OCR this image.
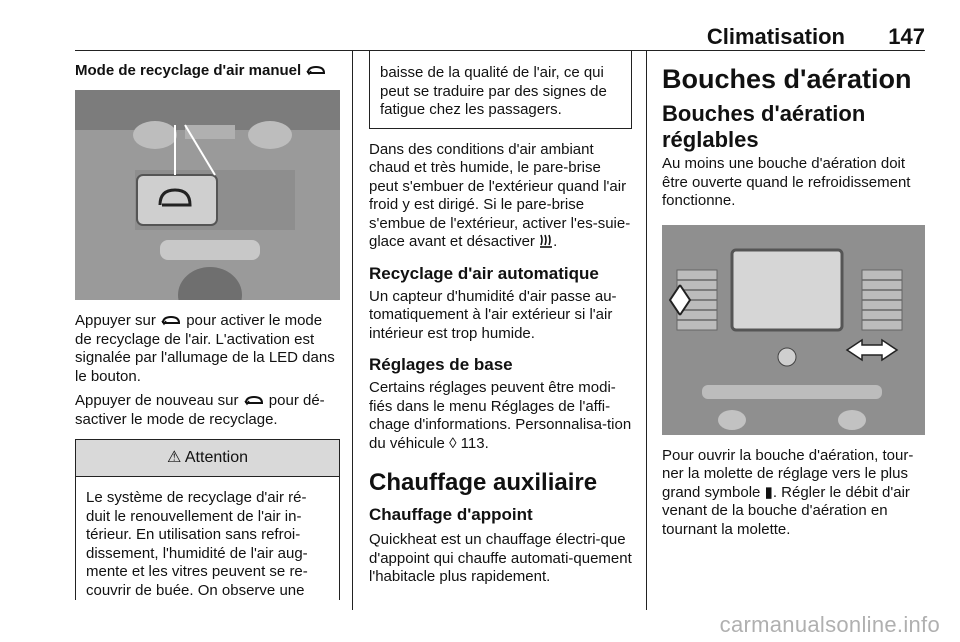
Climatisation 147
Mode de recyclage d'air manuel

Appuyer sur pour activer le mode de recyclage de l'air. L'activation est signalée par l'allumage de la LED dans le bouton.

Appuyer de nouveau sur pour dé-sactiver le mode de recyclage.

⚠ Attention

Le système de recyclage d'air ré-duit le renouvellement de l'air in-térieur. En utilisation sans refroi-dissement, l'humidité de l'air aug-mente et les vitres peuvent se re-couvrir de buée. On observe une

baisse de la qualité de l'air, ce qui peut se traduire par des signes de fatigue chez les passagers.

Dans des conditions d'air ambiant chaud et très humide, le pare-brise peut s'embuer de l'extérieur quand l'air froid y est dirigé. Si le pare-brise s'embue de l'extérieur, activer l'es-suie-glace avant et désactiver .

Recyclage d'air automatique

Un capteur d'humidité d'air passe au-tomatiquement à l'air extérieur si l'air intérieur est trop humide.

Réglages de base

Certains réglages peuvent être modi-fiés dans le menu Réglages de l'affi-chage d'informations. Personnalisa-tion du véhicule ◊ 113.

Chauffage auxiliaire
Chauffage d'appoint

Quickheat est un chauffage électri-que d'appoint qui chauffe automati-quement l'habitacle plus rapidement.

Bouches d'aération
Bouches d'aération réglables

Au moins une bouche d'aération doit être ouverte quand le refroidissement fonctionne.

Pour ouvrir la bouche d'aération, tour-ner la molette de réglage vers le plus grand symbole ▮. Régler le débit d'air venant de la bouche d'aération en tournant la molette.

carmanualsonline.info
